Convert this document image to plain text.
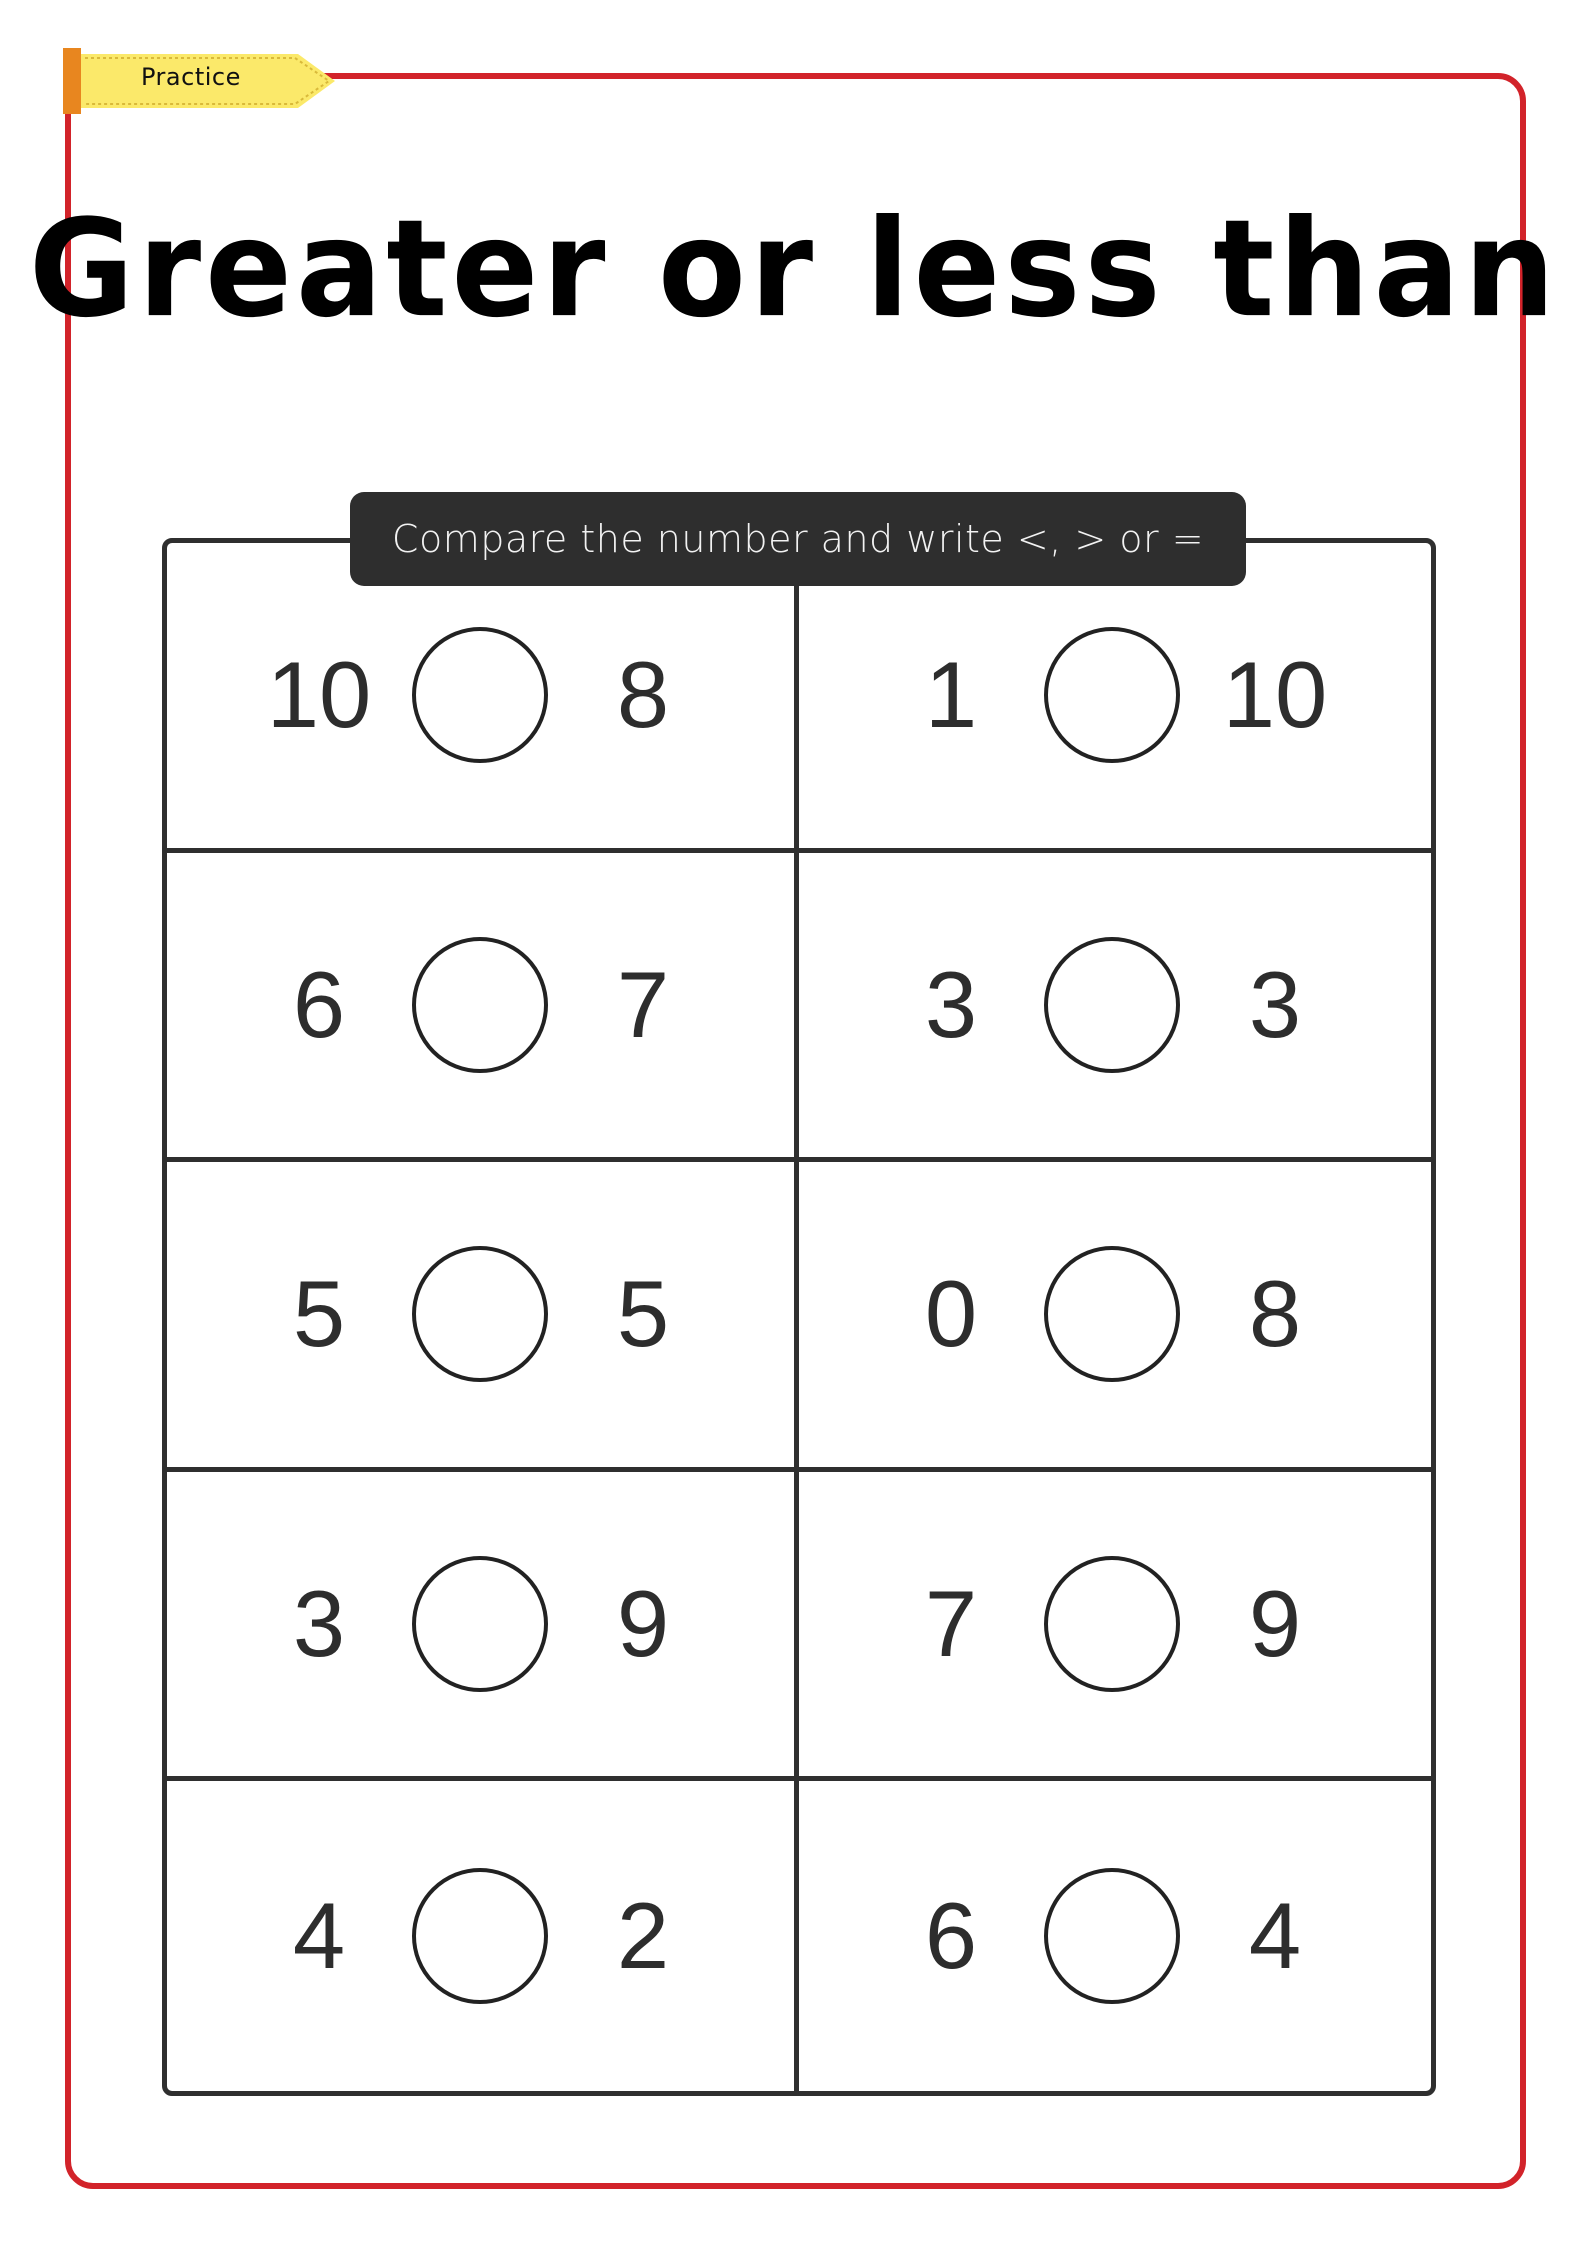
Practice
Greater or less than
10	8	1	10
6	7	3	3
5	5	0	8
3	9	7	9
4	2	6	4
Compare the number and write <, > or =
